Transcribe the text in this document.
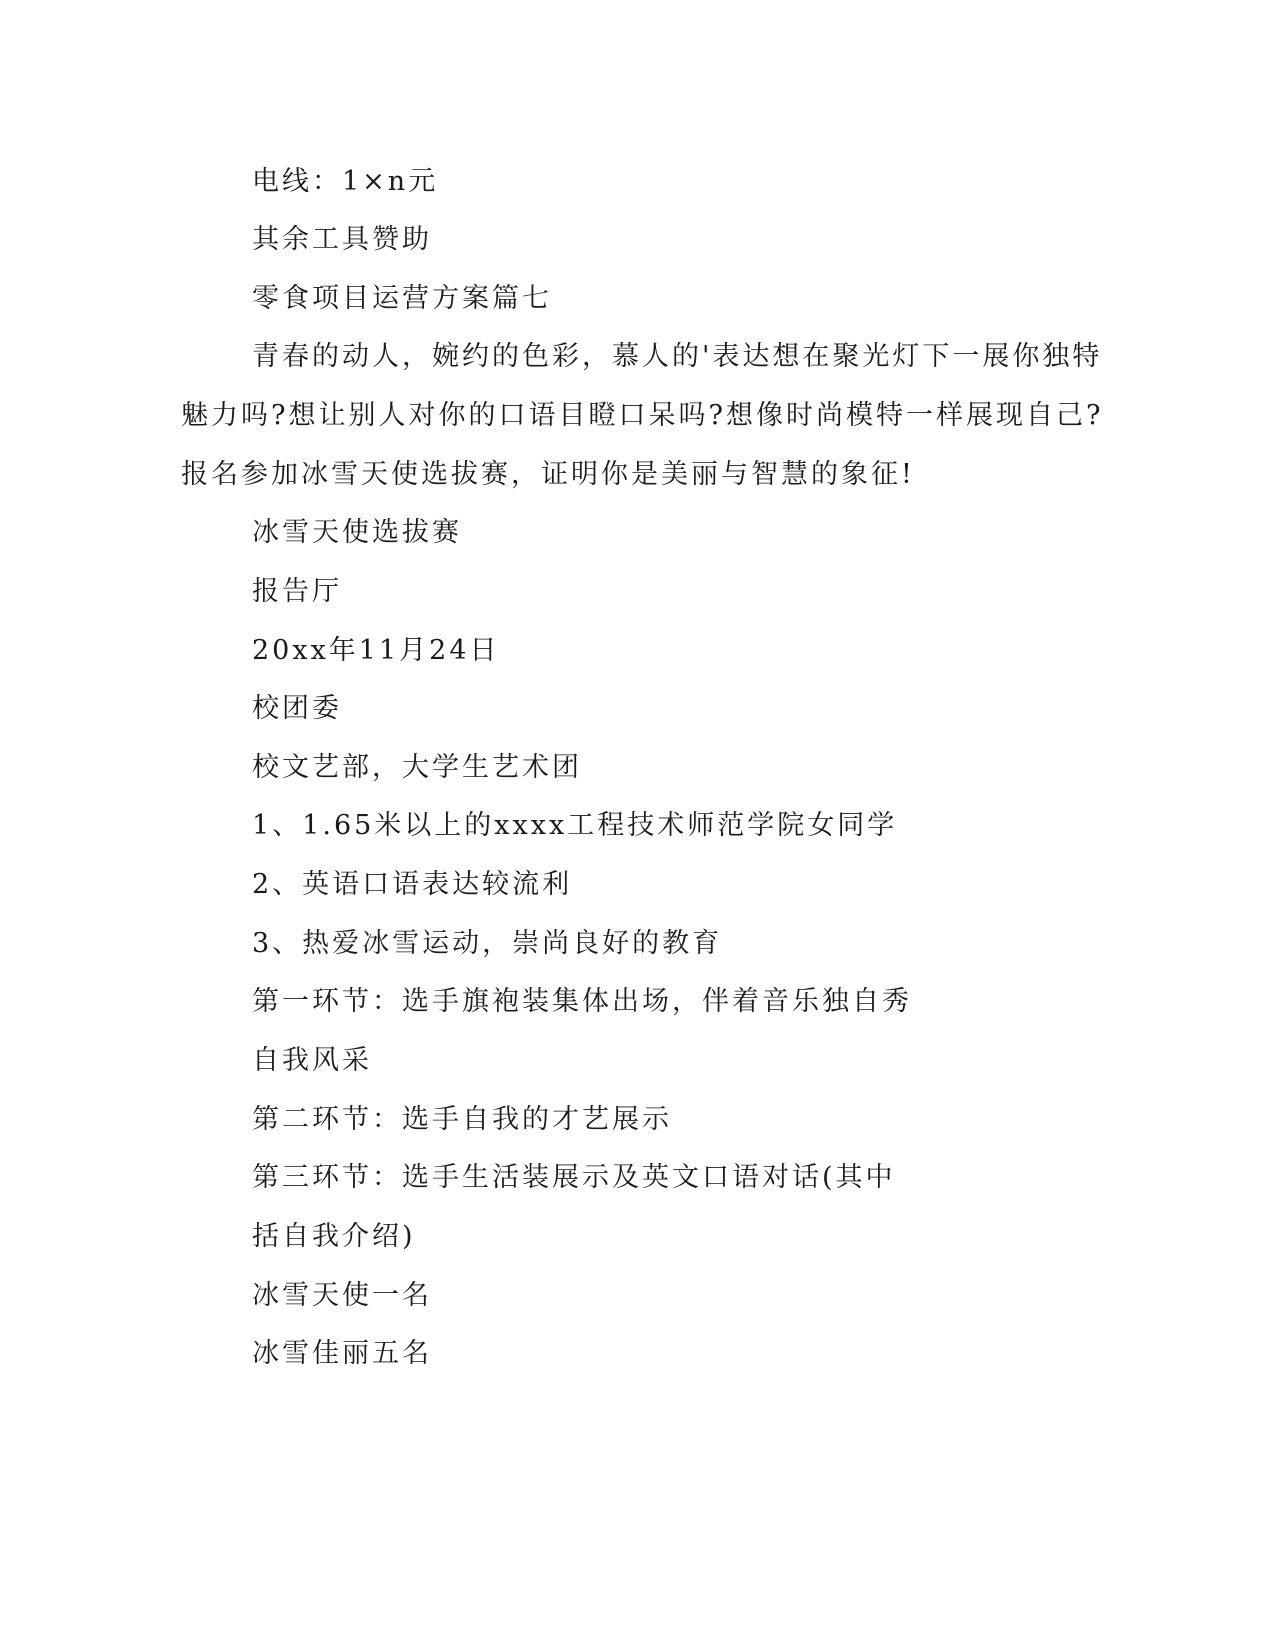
电线：1×n元
其余工具赞助
零食项目运营方案篇七
青春的动人，婉约的色彩，慕人的'表达想在聚光灯下一展你独特
魅力吗?想让别人对你的口语目瞪口呆吗?想像时尚模特一样展现自己?
报名参加冰雪天使选拔赛，证明你是美丽与智慧的象征!
冰雪天使选拔赛
报告厅
20xx年11月24日
校团委
校文艺部，大学生艺术团
1、1.65米以上的xxxx工程技术师范学院女同学
2、英语口语表达较流利
3、热爱冰雪运动，崇尚良好的教育
第一环节：选手旗袍装集体出场，伴着音乐独自秀
自我风采
第二环节：选手自我的才艺展示
第三环节：选手生活装展示及英文口语对话(其中
括自我介绍)
冰雪天使一名
冰雪佳丽五名
